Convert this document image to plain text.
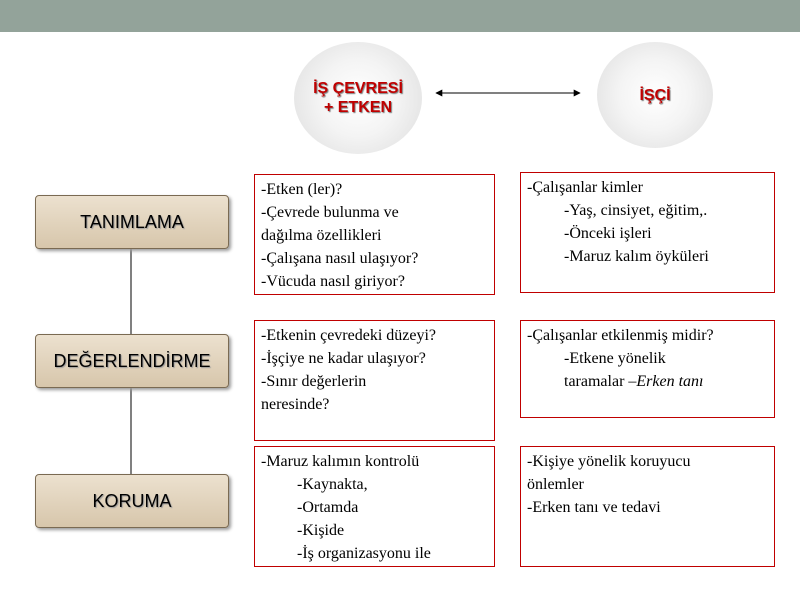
İŞ ÇEVRESİ
+ ETKEN
İŞÇİ
TANIMLAMA
DEĞERLENDİRME
KORUMA
-Etken (ler)?
-Çevrede bulunma ve
dağılma özellikleri
-Çalışana nasıl ulaşıyor?
-Vücuda nasıl giriyor?
-Etkenin çevredeki düzeyi?
-İşçiye ne kadar ulaşıyor?
-Sınır değerlerin
neresinde?
-Maruz kalımın kontrolü
-Kaynakta,
-Ortamda
-Kişide
-İş organizasyonu ile
-Çalışanlar kimler
-Yaş, cinsiyet, eğitim,.
-Önceki işleri
-Maruz kalım öyküleri
-Çalışanlar etkilenmiş midir?
-Etkene yönelik
taramalar –Erken tanı
-Kişiye yönelik koruyucu
önlemler
-Erken tanı ve tedavi
